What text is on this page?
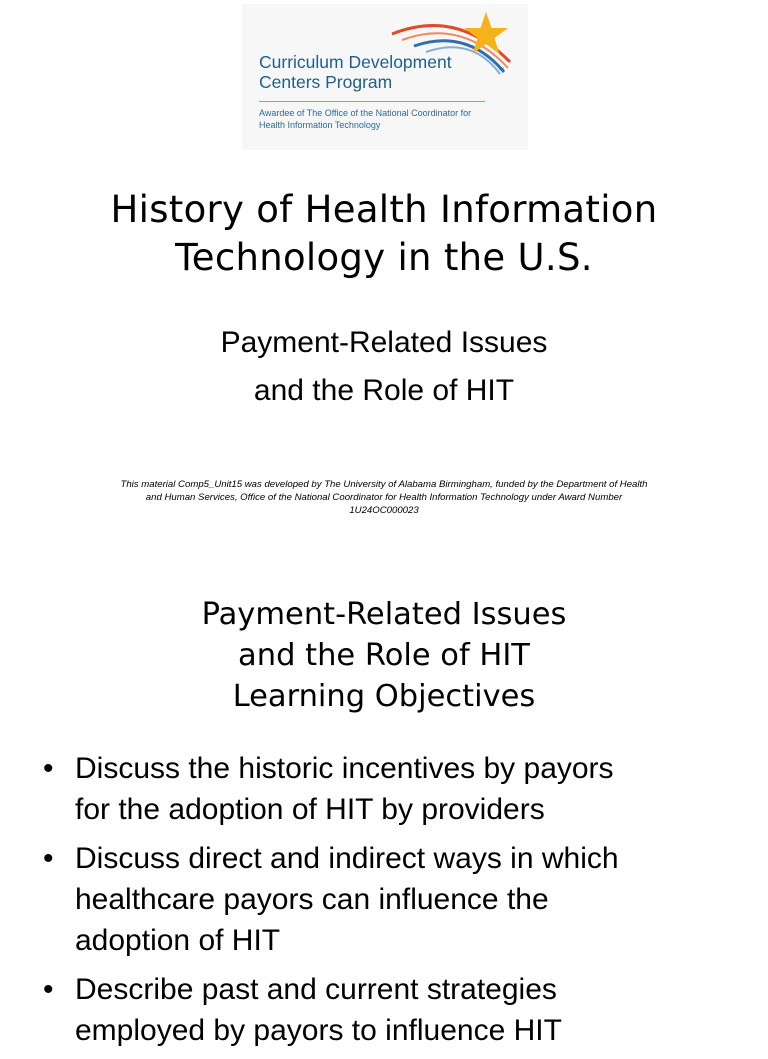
Curriculum Development
Centers Program
TM
Awardee of The Office of the National Coordinator for
Health Information Technology
History of Health Information
Technology in the U.S.
Payment-Related Issues
and the Role of HIT
This material Comp5_Unit15 was developed by The University of Alabama Birmingham, funded by the Department of Health
and Human Services, Office of the National Coordinator for Health Information Technology under Award Number
1U24OC000023
Payment-Related Issues
and the Role of HIT
Learning Objectives
• Discuss the historic incentives by payors
for the adoption of HIT by providers
• Discuss direct and indirect ways in which
healthcare payors can influence the
adoption of HIT
• Describe past and current strategies
employed by payors to influence HIT
